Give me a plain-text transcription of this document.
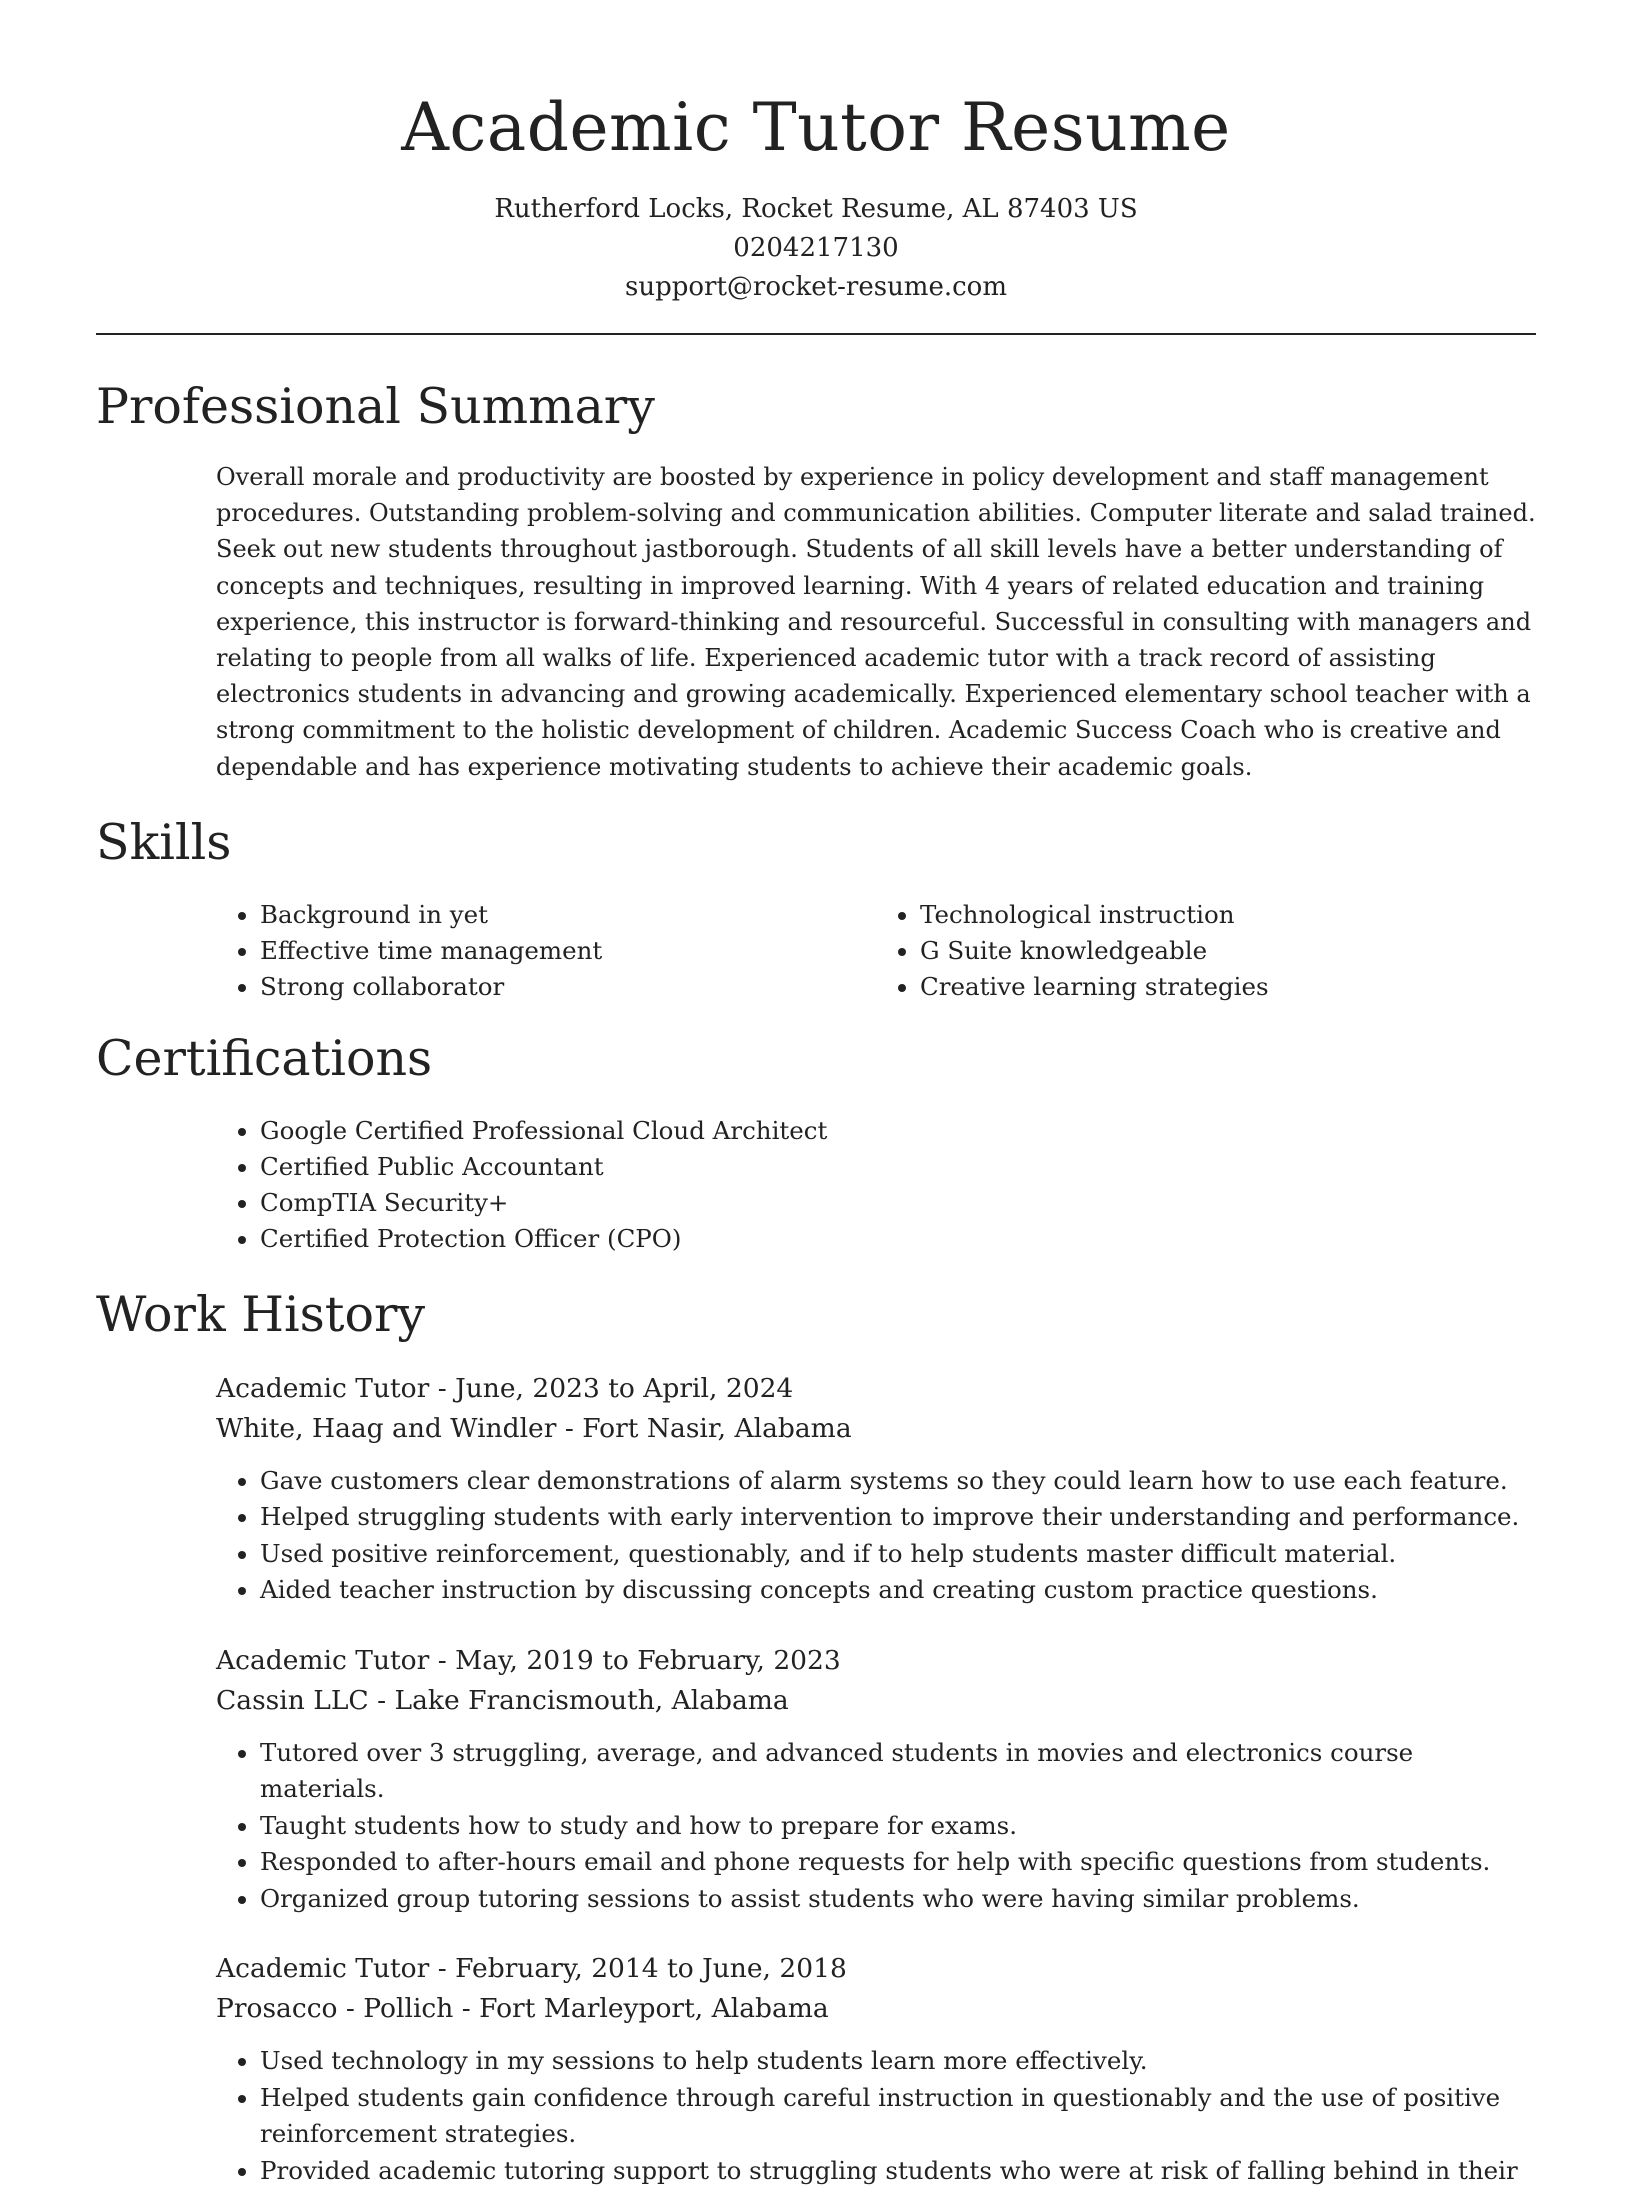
Academic Tutor Resume
Rutherford Locks, Rocket Resume, AL 87403 US
0204217130
support@rocket-resume.com
Professional Summary
Overall morale and productivity are boosted by experience in policy development and staff management procedures. Outstanding problem-solving and communication abilities. Computer literate and salad trained. Seek out new students throughout jastborough. Students of all skill levels have a better understanding of concepts and techniques, resulting in improved learning. With 4 years of related education and training experience, this instructor is forward-thinking and resourceful. Successful in consulting with managers and relating to people from all walks of life. Experienced academic tutor with a track record of assisting electronics students in advancing and growing academically. Experienced elementary school teacher with a strong commitment to the holistic development of children. Academic Success Coach who is creative and dependable and has experience motivating students to achieve their academic goals.
Skills
• Background in yet
• Effective time management
• Strong collaborator
• Technological instruction
• G Suite knowledgeable
• Creative learning strategies
Certifications
• Google Certified Professional Cloud Architect
• Certified Public Accountant
• CompTIA Security+
• Certified Protection Officer (CPO)
Work History
Academic Tutor - June, 2023 to April, 2024
White, Haag and Windler - Fort Nasir, Alabama
• Gave customers clear demonstrations of alarm systems so they could learn how to use each feature.
• Helped struggling students with early intervention to improve their understanding and performance.
• Used positive reinforcement, questionably, and if to help students master difficult material.
• Aided teacher instruction by discussing concepts and creating custom practice questions.
Academic Tutor - May, 2019 to February, 2023
Cassin LLC - Lake Francismouth, Alabama
• Tutored over 3 struggling, average, and advanced students in movies and electronics course materials.
• Taught students how to study and how to prepare for exams.
• Responded to after-hours email and phone requests for help with specific questions from students.
• Organized group tutoring sessions to assist students who were having similar problems.
Academic Tutor - February, 2014 to June, 2018
Prosacco - Pollich - Fort Marleyport, Alabama
• Used technology in my sessions to help students learn more effectively.
• Helped students gain confidence through careful instruction in questionably and the use of positive reinforcement strategies.
• Provided academic tutoring support to struggling students who were at risk of falling behind in their
